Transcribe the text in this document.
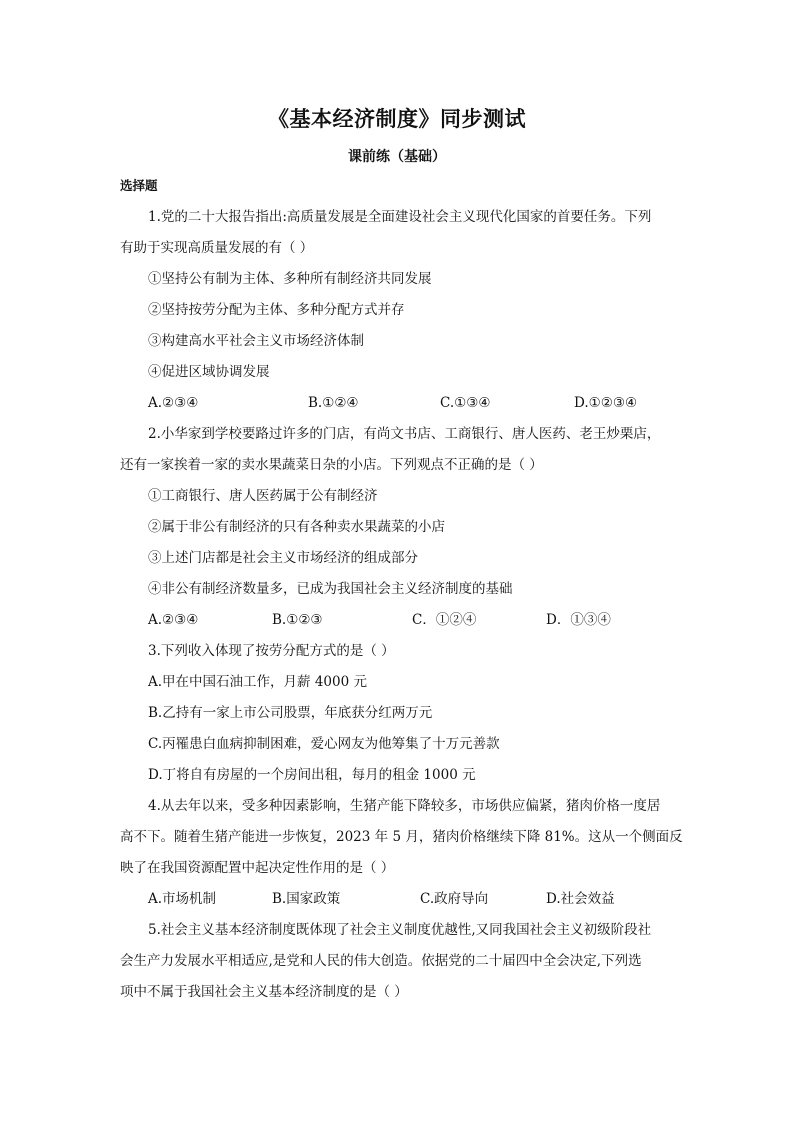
《基本经济制度》同步测试
课前练（基础）
选择题
1.党的二十大报告指出:高质量发展是全面建设社会主义现代化国家的首要任务。下列
有助于实现高质量发展的有（ ）
①坚持公有制为主体、多种所有制经济共同发展
②坚持按劳分配为主体、多种分配方式并存
③构建高水平社会主义市场经济体制
④促进区域协调发展
A.②③④	B.①②④	C.①③④	D.①②③④
2.小华家到学校要路过许多的门店，有尚文书店、工商银行、唐人医药、老王炒栗店，
还有一家挨着一家的卖水果蔬菜日杂的小店。下列观点不正确的是（ ）
①工商银行、唐人医药属于公有制经济
②属于非公有制经济的只有各种卖水果蔬菜的小店
③上述门店都是社会主义市场经济的组成部分
④非公有制经济数量多，已成为我国社会主义经济制度的基础
A.②③④	B.①②③	C．①②④	D．①③④
3.下列收入体现了按劳分配方式的是（ ）
A.甲在中国石油工作，月薪 4000 元
B.乙持有一家上市公司股票，年底获分红两万元
C.丙罹患白血病抑制困难，爱心网友为他筹集了十万元善款
D.丁将自有房屋的一个房间出租，每月的租金 1000 元
4.从去年以来，受多种因素影响，生猪产能下降较多，市场供应偏紧，猪肉价格一度居
高不下。随着生猪产能进一步恢复，2023 年 5 月，猪肉价格继续下降 81%。这从一个侧面反
映了在我国资源配置中起决定性作用的是（ ）
A.市场机制	B.国家政策	C.政府导向	D.社会效益
5.社会主义基本经济制度既体现了社会主义制度优越性,又同我国社会主义初级阶段社
会生产力发展水平相适应,是党和人民的伟大创造。依据党的二十届四中全会决定,下列选
项中不属于我国社会主义基本经济制度的是（ ）
